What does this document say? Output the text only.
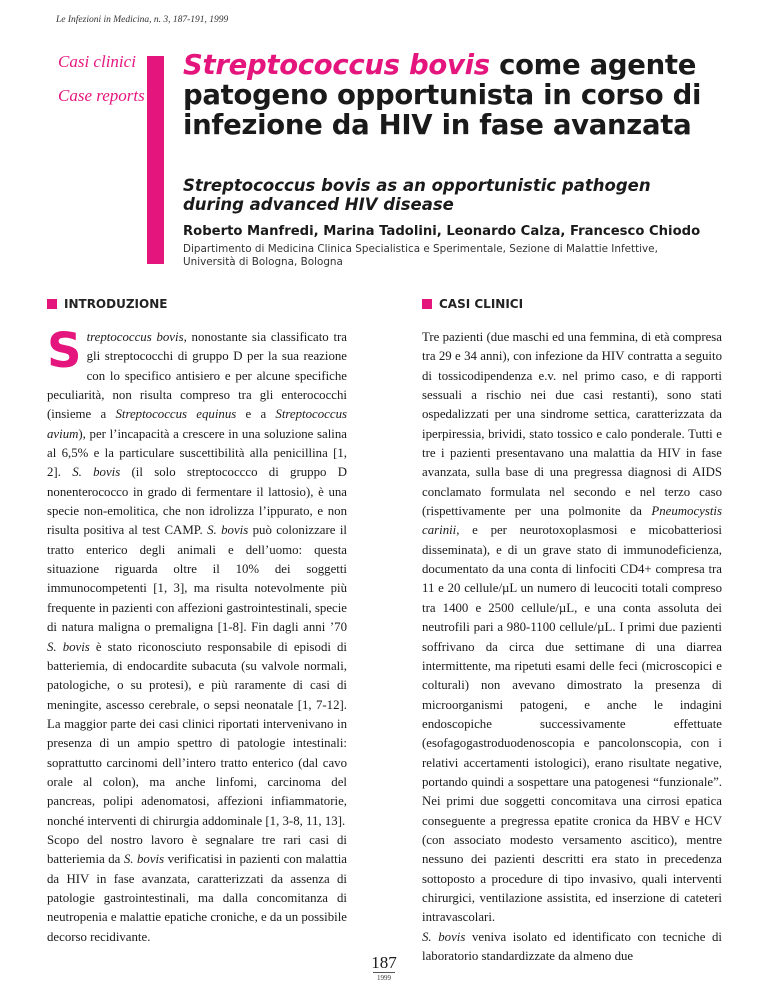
Le Infezioni in Medicina, n. 3, 187-191, 1999
Casi clinici
Case reports
Streptococcus bovis come agente patogeno opportunista in corso di infezione da HIV in fase avanzata
Streptococcus bovis as an opportunistic pathogen during advanced HIV disease
Roberto Manfredi, Marina Tadolini, Leonardo Calza, Francesco Chiodo
Dipartimento di Medicina Clinica Specialistica e Sperimentale, Sezione di Malattie Infettive, Università di Bologna, Bologna
INTRODUZIONE	CASI CLINICI

Streptococcus bovis, nonostante sia classificato tra gli streptococchi di gruppo D per la sua reazione con lo specifico antisiero e per alcune specifiche peculiarità, non risulta compreso tra gli enterococchi (insieme a Streptococcus equinus e a Streptococcus avium), per l’incapacità a crescere in una soluzione salina al 6,5% e la particulare suscettibilità alla penicillina [1, 2]. S. bovis (il solo streptococcco di gruppo D nonenterococco in grado di fermentare il lattosio), è una specie non-emolitica, che non idrolizza l’ippurato, e non risulta positiva al test CAMP. S. bovis può colonizzare il tratto enterico degli animali e dell’uomo: questa situazione riguarda oltre il 10% dei soggetti immunocompetenti [1, 3], ma risulta notevolmente più frequente in pazienti con affezioni gastrointestinali, specie di natura maligna o premaligna [1-8]. Fin dagli anni ’70 S. bovis è stato riconosciuto responsabile di episodi di batteriemia, di endocardite subacuta (su valvole normali, patologiche, o su protesi), e più raramente di casi di meningite, ascesso cerebrale, o sepsi neonatale [1, 7-12]. La maggior parte dei casi clinici riportati intervenivano in presenza di un ampio spettro di patologie intestinali: soprattutto carcinomi dell’intero tratto enterico (dal cavo orale al colon), ma anche linfomi, carcinoma del pancreas, polipi adenomatosi, affezioni infiammatorie, nonché interventi di chirurgia addominale [1, 3-8, 11, 13].

Scopo del nostro lavoro è segnalare tre rari casi di batteriemia da S. bovis verificatisi in pazienti con malattia da HIV in fase avanzata, caratterizzati da assenza di patologie gastrointestinali, ma dalla concomitanza di neutropenia e malattie epatiche croniche, e da un possibile decorso recidivante.

Tre pazienti (due maschi ed una femmina, di età compresa tra 29 e 34 anni), con infezione da HIV contratta a seguito di tossicodipendenza e.v. nel primo caso, e di rapporti sessuali a rischio nei due casi restanti), sono stati ospedalizzati per una sindrome settica, caratterizzata da iperpiressia, brividi, stato tossico e calo ponderale. Tutti e tre i pazienti presentavano una malattia da HIV in fase avanzata, sulla base di una pregressa diagnosi di AIDS conclamato formulata nel secondo e nel terzo caso (rispettivamente per una polmonite da Pneumocystis carinii, e per neurotoxoplasmosi e micobatteriosi disseminata), e di un grave stato di immunodeficienza, documentato da una conta di linfociti CD4+ compresa tra 11 e 20 cellule/µL un numero di leucociti totali compreso tra 1400 e 2500 cellule/µL, e una conta assoluta dei neutrofili pari a 980-1100 cellule/µL. I primi due pazienti soffrivano da circa due settimane di una diarrea intermittente, ma ripetuti esami delle feci (microscopici e colturali) non avevano dimostrato la presenza di microorganismi patogeni, e anche le indagini endoscopiche successivamente effettuate (esofagogastroduodenoscopia e pancolonscopia, con i relativi accertamenti istologici), erano risultate negative, portando quindi a sospettare una patogenesi “funzionale”. Nei primi due soggetti concomitava una cirrosi epatica conseguente a pregressa epatite cronica da HBV e HCV (con associato modesto versamento ascitico), mentre nessuno dei pazienti descritti era stato in precedenza sottoposto a procedure di tipo invasivo, quali interventi chirurgici, ventilazione assistita, ed inserzione di cateteri intravascolari.

S. bovis veniva isolato ed identificato con tecniche di laboratorio standardizzate da almeno due

187
1999
